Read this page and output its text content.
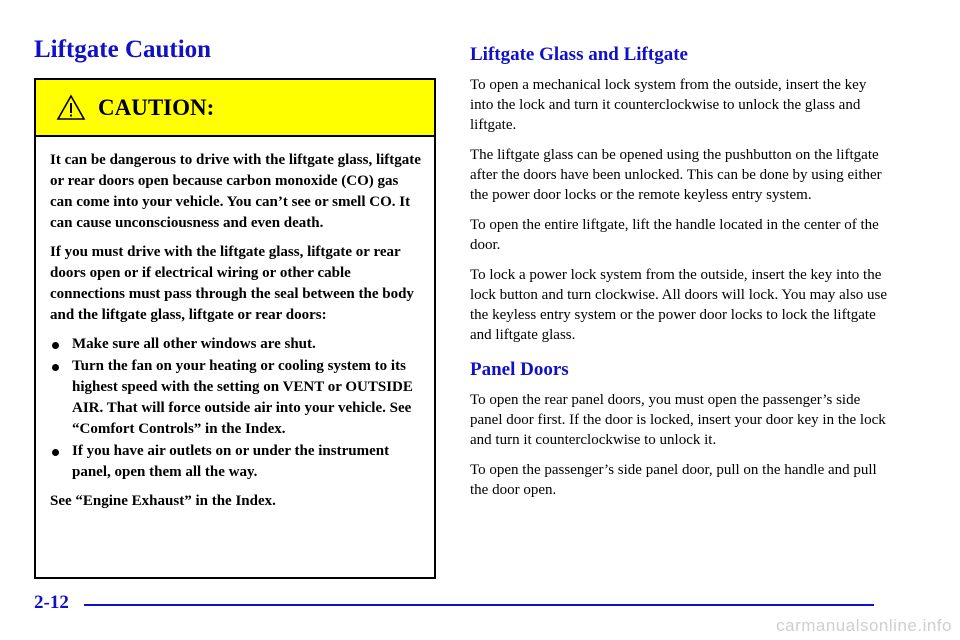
Liftgate Caution
CAUTION:

It can be dangerous to drive with the liftgate glass, liftgate or rear doors open because carbon monoxide (CO) gas can come into your vehicle. You can’t see or smell CO. It can cause unconsciousness and even death.

If you must drive with the liftgate glass, liftgate or rear doors open or if electrical wiring or other cable connections must pass through the seal between the body and the liftgate glass, liftgate or rear doors:

Make sure all other windows are shut.
Turn the fan on your heating or cooling system to its highest speed with the setting on VENT or OUTSIDE AIR. That will force outside air into your vehicle. See “Comfort Controls” in the Index.
If you have air outlets on or under the instrument panel, open them all the way.

See “Engine Exhaust” in the Index.

Liftgate Glass and Liftgate

To open a mechanical lock system from the outside, insert the key into the lock and turn it counterclockwise to unlock the glass and liftgate.

The liftgate glass can be opened using the pushbutton on the liftgate after the doors have been unlocked. This can be done by using either the power door locks or the remote keyless entry system.

To open the entire liftgate, lift the handle located in the center of the door.

To lock a power lock system from the outside, insert the key into the lock button and turn clockwise. All doors will lock. You may also use the keyless entry system or the power door locks to lock the liftgate and liftgate glass.

Panel Doors

To open the rear panel doors, you must open the passenger’s side panel door first. If the door is locked, insert your door key in the lock and turn it counterclockwise to unlock it.

To open the passenger’s side panel door, pull on the handle and pull the door open.

2-12
carmanualsonline.info
